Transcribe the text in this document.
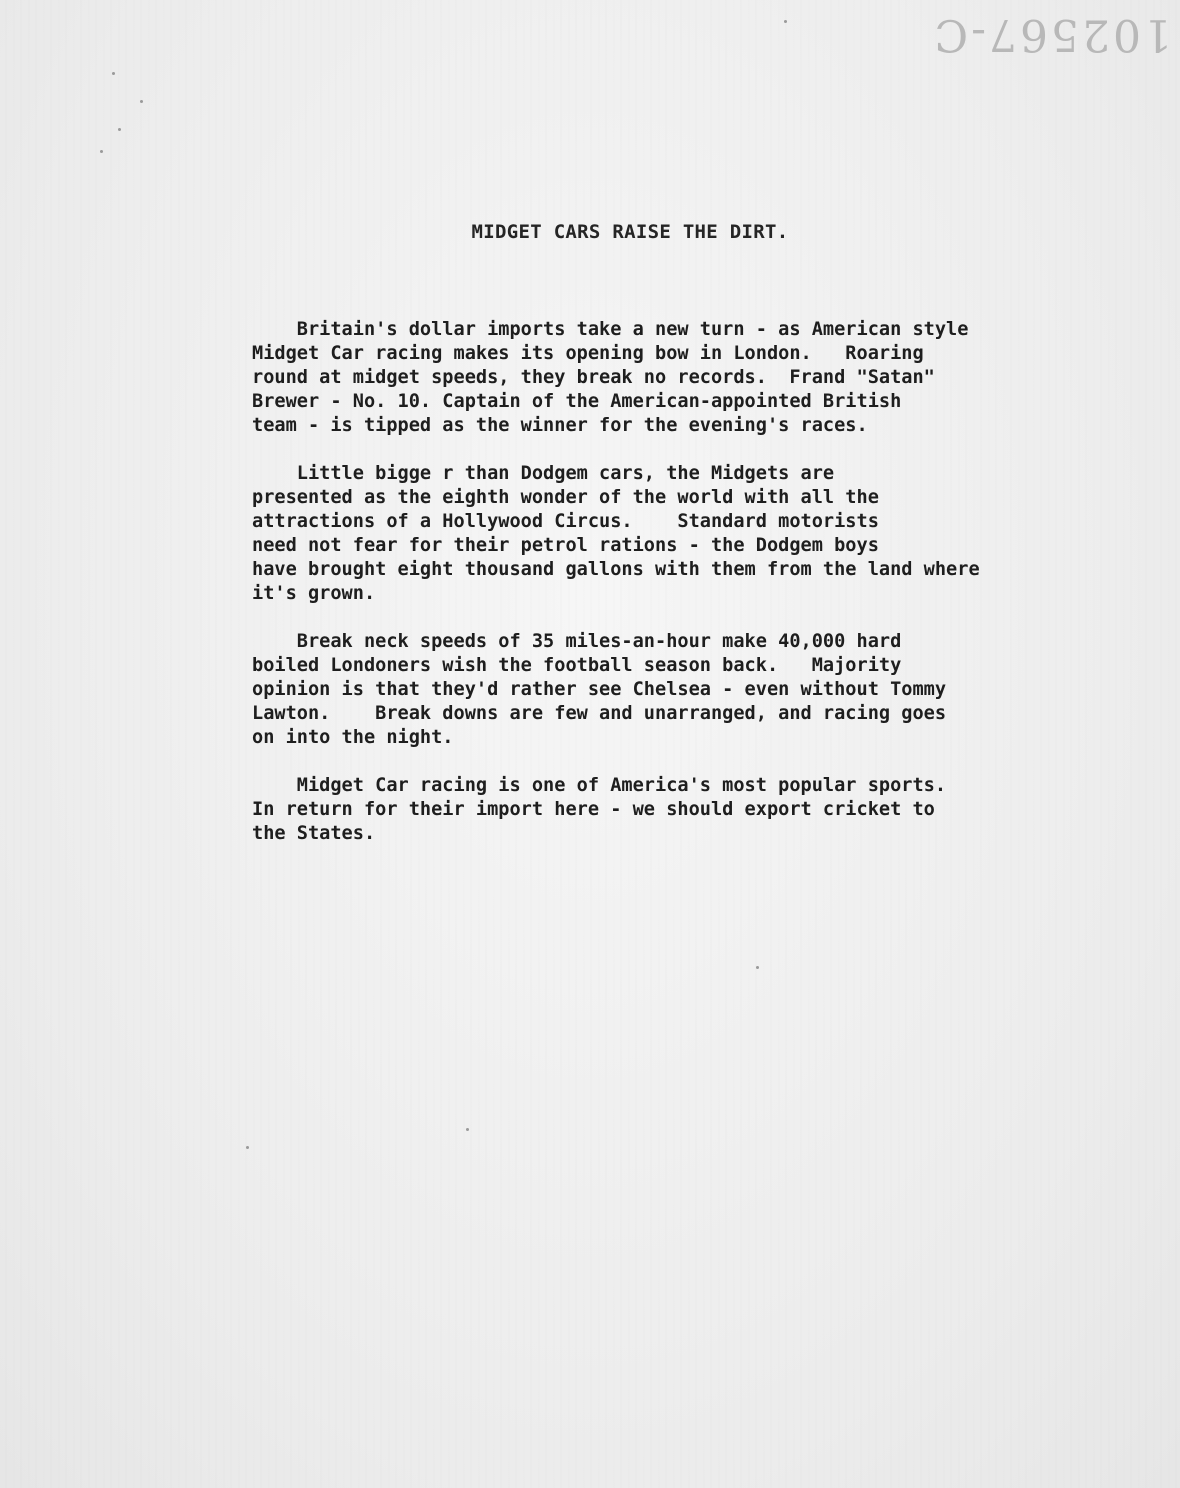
102567-C
MIDGET CARS RAISE THE DIRT.

Britain's dollar imports take a new turn - as American style
Midget Car racing makes its opening bow in London.   Roaring
round at midget speeds, they break no records.  Frand "Satan"
Brewer - No. 10. Captain of the American-appointed British
team - is tipped as the winner for the evening's races.

Little bigge r than Dodgem cars, the Midgets are
presented as the eighth wonder of the world with all the
attractions of a Hollywood Circus.    Standard motorists
need not fear for their petrol rations - the Dodgem boys
have brought eight thousand gallons with them from the land where
it's grown.

Break neck speeds of 35 miles-an-hour make 40,000 hard
boiled Londoners wish the football season back.   Majority
opinion is that they'd rather see Chelsea - even without Tommy
Lawton.    Break downs are few and unarranged, and racing goes
on into the night.

Midget Car racing is one of America's most popular sports.
In return for their import here - we should export cricket to
the States.
